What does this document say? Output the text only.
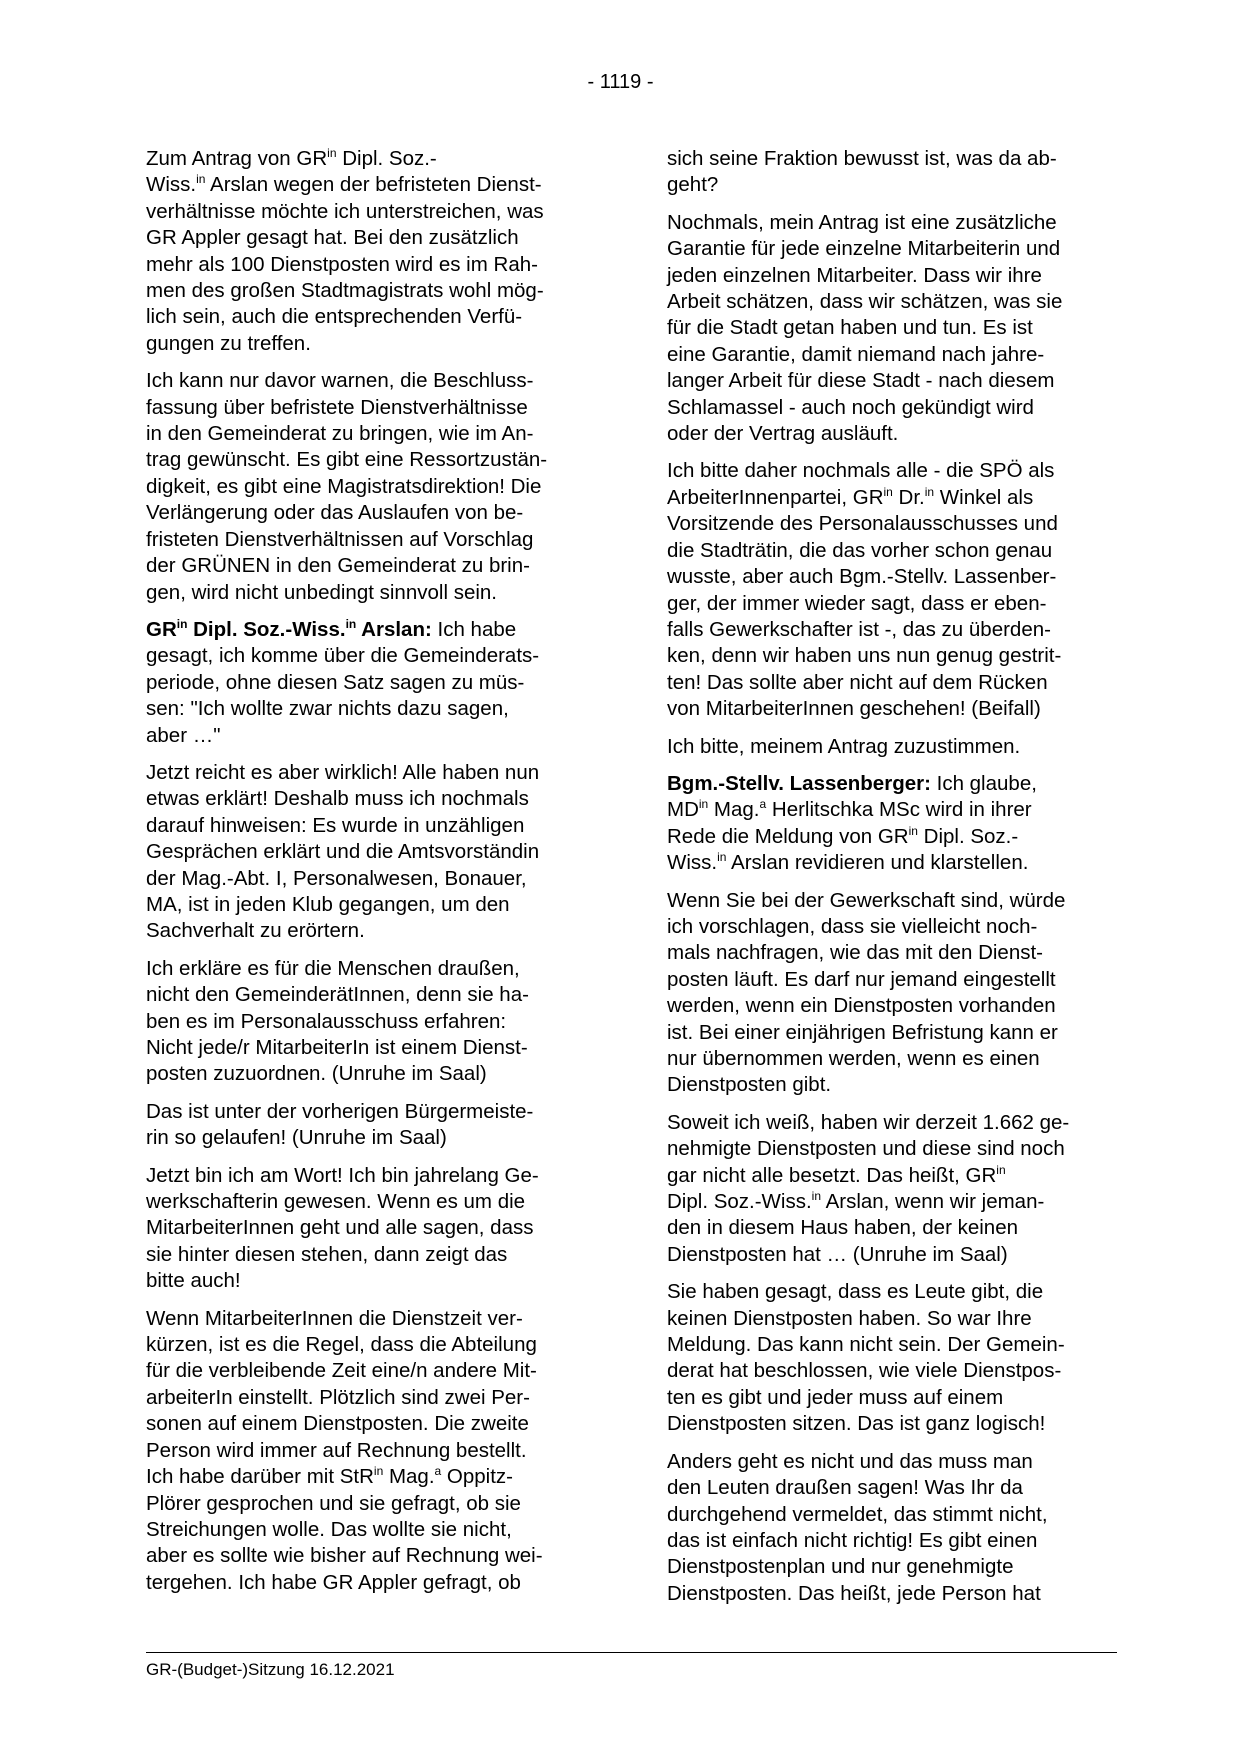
- 1119 -

Zum Antrag von $GR^{in}$ Dipl. Soz.-
Wiss.$^{in}$ Arslan wegen der befristeten Dienst-
verhältnisse möchte ich unterstreichen, was
GR Appler gesagt hat. Bei den zusätzlich
mehr als 100 Dienstposten wird es im Rah-
men des großen Stadtmagistrats wohl mög-
lich sein, auch die entsprechenden Verfü-
gungen zu treffen.

Ich kann nur davor warnen, die Beschluss-
fassung über befristete Dienstverhältnisse
in den Gemeinderat zu bringen, wie im An-
trag gewünscht. Es gibt eine Ressortzustän-
digkeit, es gibt eine Magistratsdirektion! Die
Verlängerung oder das Auslaufen von be-
fristeten Dienstverhältnissen auf Vorschlag
der GRÜNEN in den Gemeinderat zu brin-
gen, wird nicht unbedingt sinnvoll sein.

$GR^{in}$ Dipl. Soz.-Wiss.$^{in}$ Arslan: Ich habe
gesagt, ich komme über die Gemeinderats-
periode, ohne diesen Satz sagen zu müs-
sen: "Ich wollte zwar nichts dazu sagen,
aber …"

Jetzt reicht es aber wirklich! Alle haben nun
etwas erklärt! Deshalb muss ich nochmals
darauf hinweisen: Es wurde in unzähligen
Gesprächen erklärt und die Amtsvorständin
der Mag.-Abt. I, Personalwesen, Bonauer,
MA, ist in jeden Klub gegangen, um den
Sachverhalt zu erörtern.

Ich erkläre es für die Menschen draußen,
nicht den GemeinderätInnen, denn sie ha-
ben es im Personalausschuss erfahren:
Nicht jede/r MitarbeiterIn ist einem Dienst-
posten zuzuordnen. (Unruhe im Saal)

Das ist unter der vorherigen Bürgermeiste-
rin so gelaufen! (Unruhe im Saal)

Jetzt bin ich am Wort! Ich bin jahrelang Ge-
werkschafterin gewesen. Wenn es um die
MitarbeiterInnen geht und alle sagen, dass
sie hinter diesen stehen, dann zeigt das
bitte auch!

Wenn MitarbeiterInnen die Dienstzeit ver-
kürzen, ist es die Regel, dass die Abteilung
für die verbleibende Zeit eine/n andere Mit-
arbeiterIn einstellt. Plötzlich sind zwei Per-
sonen auf einem Dienstposten. Die zweite
Person wird immer auf Rechnung bestellt.
Ich habe darüber mit StR$^{in}$ Mag.$^a$ Oppitz-
Plörer gesprochen und sie gefragt, ob sie
Streichungen wolle. Das wollte sie nicht,
aber es sollte wie bisher auf Rechnung wei-
tergehen. Ich habe GR Appler gefragt, ob

sich seine Fraktion bewusst ist, was da ab-
geht?

Nochmals, mein Antrag ist eine zusätzliche
Garantie für jede einzelne Mitarbeiterin und
jeden einzelnen Mitarbeiter. Dass wir ihre
Arbeit schätzen, dass wir schätzen, was sie
für die Stadt getan haben und tun. Es ist
eine Garantie, damit niemand nach jahre-
langer Arbeit für diese Stadt - nach diesem
Schlamassel - auch noch gekündigt wird
oder der Vertrag ausläuft.

Ich bitte daher nochmals alle - die SPÖ als
ArbeiterInnenpartei, $GR^{in}$ Dr.$^{in}$ Winkel als
Vorsitzende des Personalausschusses und
die Stadträtin, die das vorher schon genau
wusste, aber auch Bgm.-Stellv. Lassenber-
ger, der immer wieder sagt, dass er eben-
falls Gewerkschafter ist -, das zu überden-
ken, denn wir haben uns nun genug gestrit-
ten! Das sollte aber nicht auf dem Rücken
von MitarbeiterInnen geschehen! (Beifall)

Ich bitte, meinem Antrag zuzustimmen.

Bgm.-Stellv. Lassenberger: Ich glaube,
$MD^{in}$ Mag.$^a$ Herlitschka MSc wird in ihrer
Rede die Meldung von $GR^{in}$ Dipl. Soz.-
Wiss.$^{in}$ Arslan revidieren und klarstellen.

Wenn Sie bei der Gewerkschaft sind, würde
ich vorschlagen, dass sie vielleicht noch-
mals nachfragen, wie das mit den Dienst-
posten läuft. Es darf nur jemand eingestellt
werden, wenn ein Dienstposten vorhanden
ist. Bei einer einjährigen Befristung kann er
nur übernommen werden, wenn es einen
Dienstposten gibt.

Soweit ich weiß, haben wir derzeit 1.662 ge-
nehmigte Dienstposten und diese sind noch
gar nicht alle besetzt. Das heißt, $GR^{in}$
Dipl. Soz.-Wiss.$^{in}$ Arslan, wenn wir jeman-
den in diesem Haus haben, der keinen
Dienstposten hat … (Unruhe im Saal)

Sie haben gesagt, dass es Leute gibt, die
keinen Dienstposten haben. So war Ihre
Meldung. Das kann nicht sein. Der Gemein-
derat hat beschlossen, wie viele Dienstpos-
ten es gibt und jeder muss auf einem
Dienstposten sitzen. Das ist ganz logisch!

Anders geht es nicht und das muss man
den Leuten draußen sagen! Was Ihr da
durchgehend vermeldet, das stimmt nicht,
das ist einfach nicht richtig! Es gibt einen
Dienstpostenplan und nur genehmigte
Dienstposten. Das heißt, jede Person hat

GR-(Budget-)Sitzung 16.12.2021
